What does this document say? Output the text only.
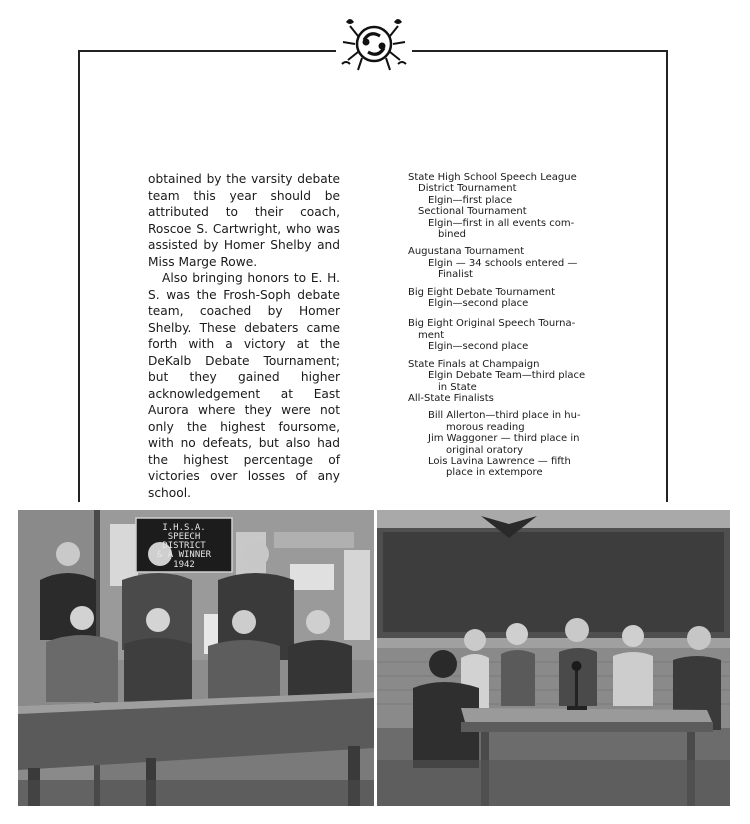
obtained by the varsity debate team this year should be attributed to their coach, Roscoe S. Cartwright, who was assisted by Homer Shelby and Miss Marge Rowe.

Also bringing honors to E. H. S. was the Frosh-Soph debate team, coached by Homer Shelby. These debaters came forth with a victory at the DeKalb Debate Tournament; but they gained higher acknowledgement at East Aurora where they were not only the highest foursome, with no defeats, but also had the highest percentage of victories over losses of any school.

State High School Speech League
District Tournament
Elgin—first place
Sectional Tournament
Elgin—first in all events com-
bined
Augustana Tournament
Elgin — 34 schools entered —
Finalist
Big Eight Debate Tournament
Elgin—second place
Big Eight Original Speech Tourna-
ment
Elgin—second place
State Finals at Champaign
Elgin Debate Team—third place
in State
All-State Finalists
Bill Allerton—third place in hu-
morous reading
Jim Waggoner — third place in
original oratory
Lois Lavina Lawrence — fifth
place in extempore
I.H.S.A.
SPEECH
DISTRICT
& A WINNER
1942
